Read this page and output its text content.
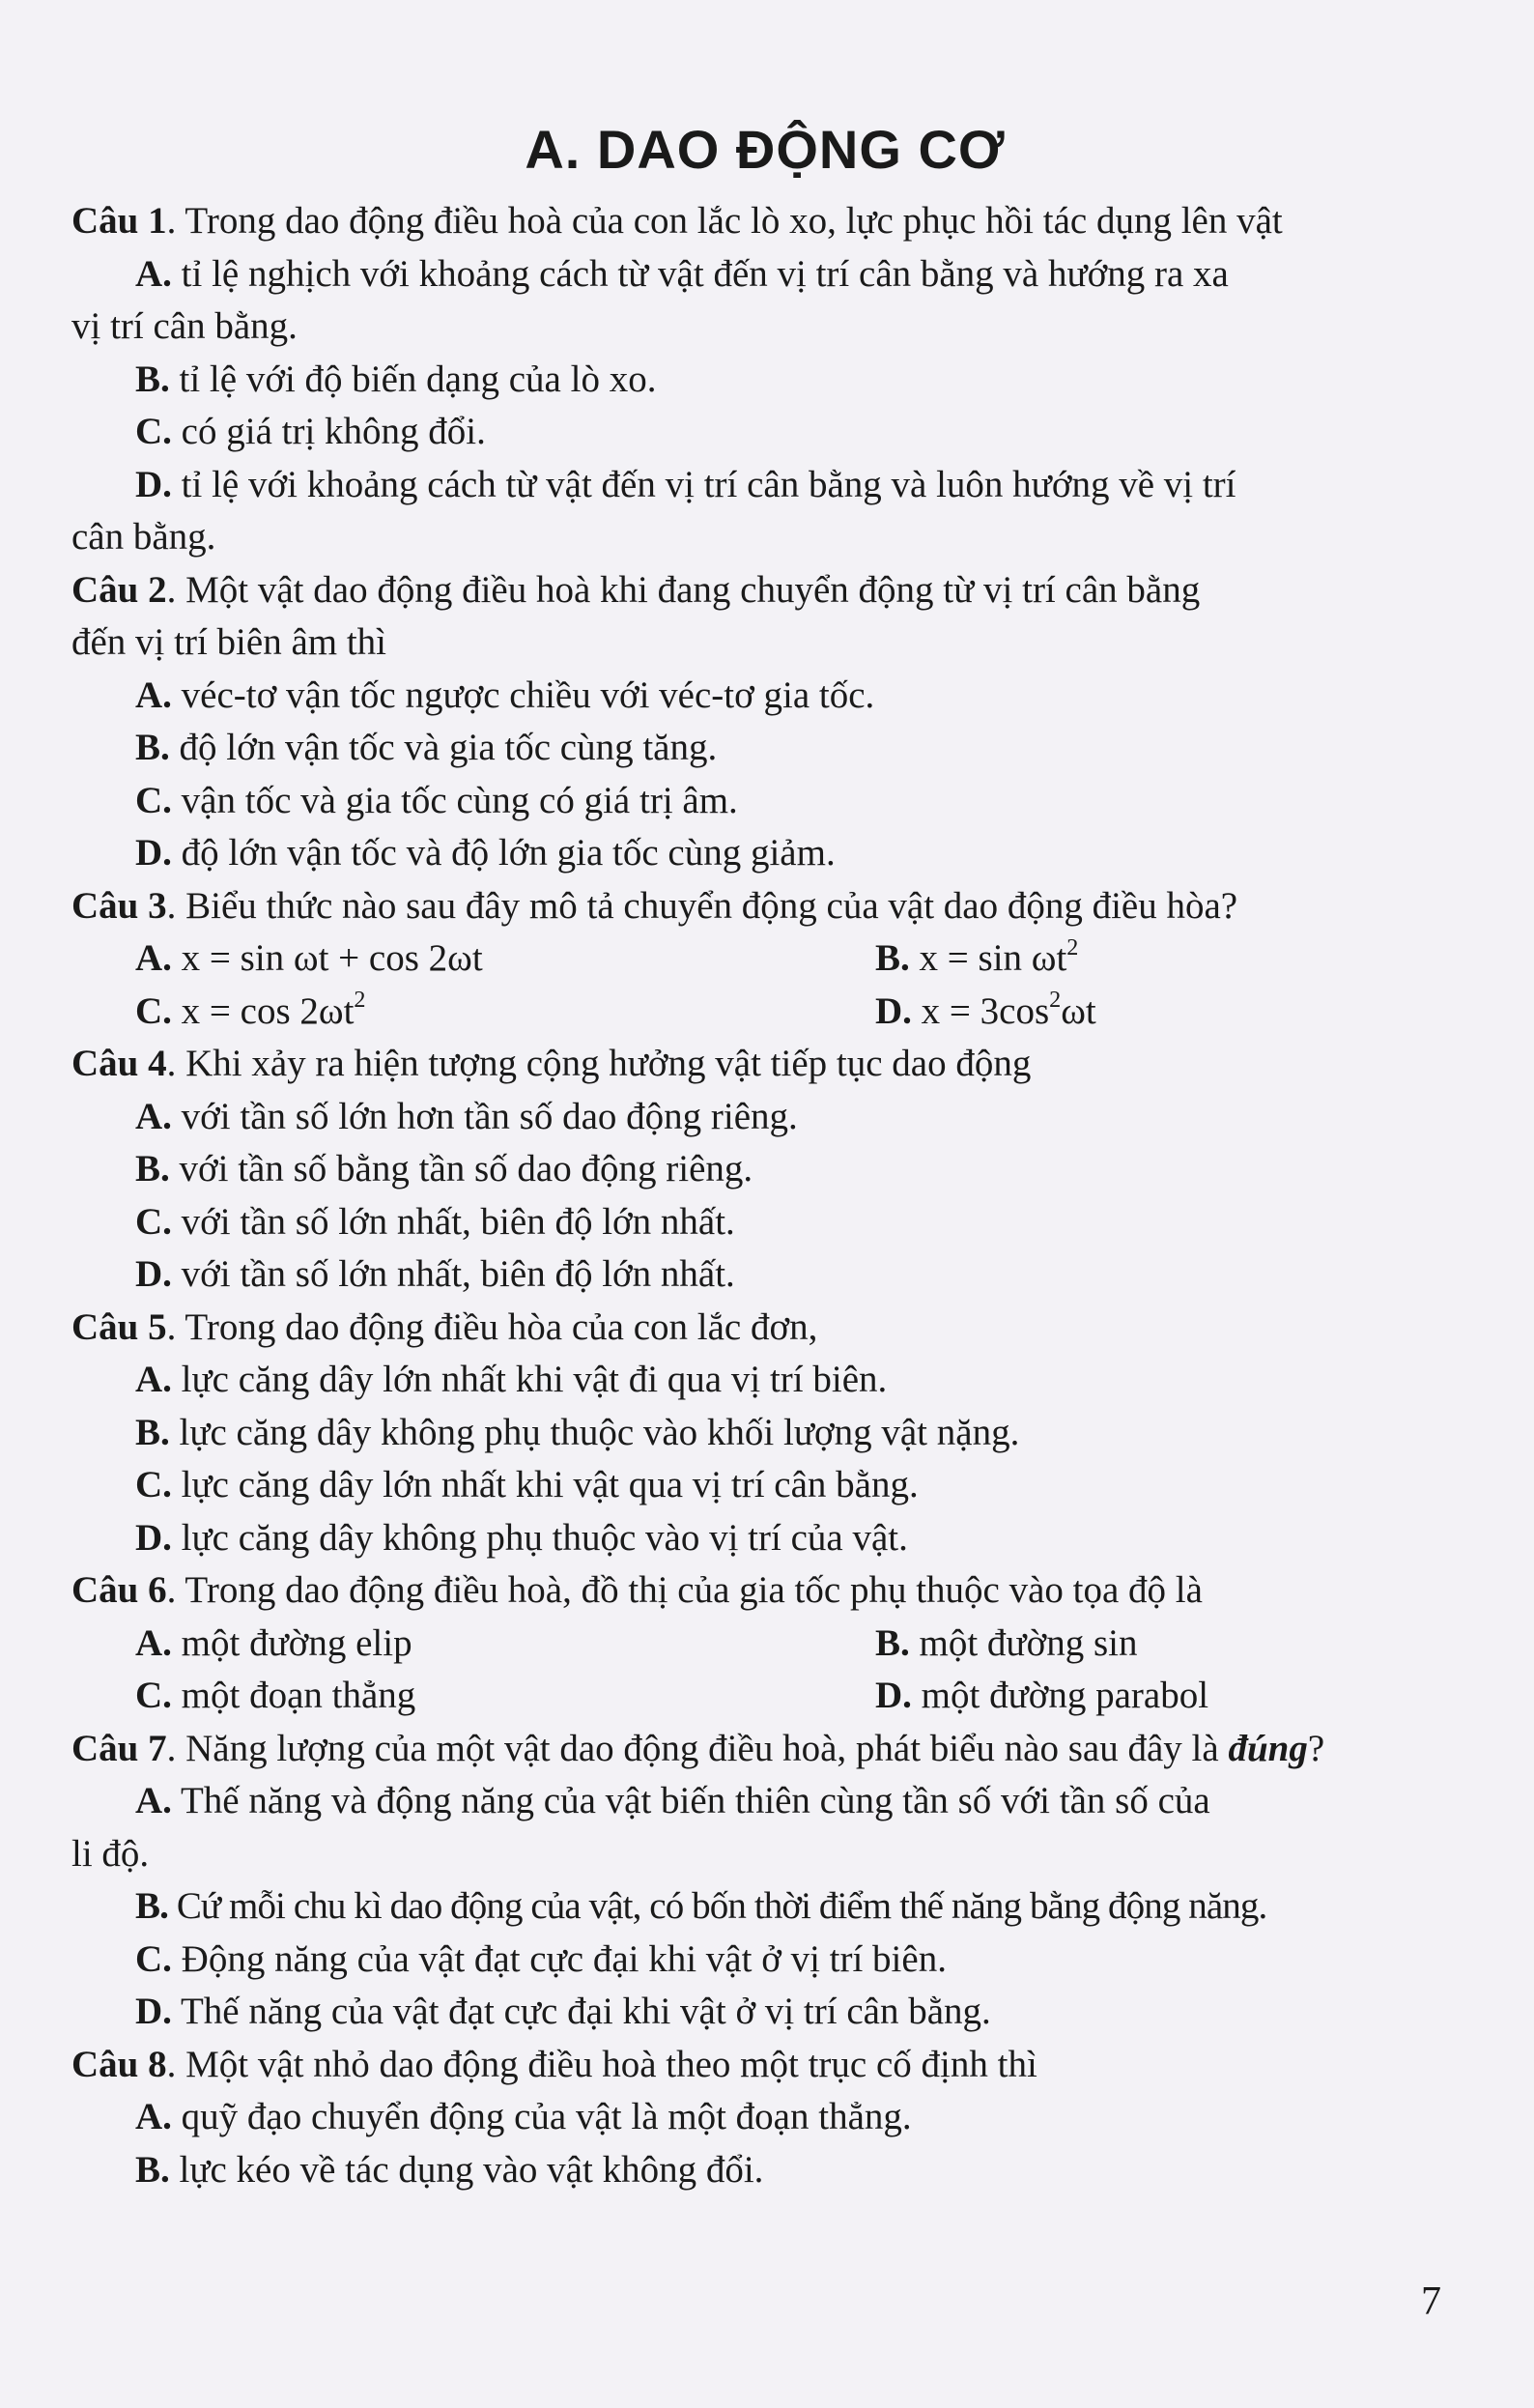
A. DAO ĐỘNG CƠ

Câu 1. Trong dao động điều hoà của con lắc lò xo, lực phục hồi tác dụng lên vật

A. tỉ lệ nghịch với khoảng cách từ vật đến vị trí cân bằng và hướng ra xa
vị trí cân bằng.

B. tỉ lệ với độ biến dạng của lò xo.

C. có giá trị không đổi.

D. tỉ lệ với khoảng cách từ vật đến vị trí cân bằng và luôn hướng về vị trí
cân bằng.

Câu 2. Một vật dao động điều hoà khi đang chuyển động từ vị trí cân bằng
đến vị trí biên âm thì

A. véc-tơ vận tốc ngược chiều với véc-tơ gia tốc.

B. độ lớn vận tốc và gia tốc cùng tăng.

C. vận tốc và gia tốc cùng có giá trị âm.

D. độ lớn vận tốc và độ lớn gia tốc cùng giảm.

Câu 3. Biểu thức nào sau đây mô tả chuyển động của vật dao động điều hòa?

A. x = sin ωt + cos 2ωt	B. $x = \sin \omega t^2$
C. $x = \cos 2\omega t^2$	D. $x = 3\cos^2\omega t$

Câu 4. Khi xảy ra hiện tượng cộng hưởng vật tiếp tục dao động

A. với tần số lớn hơn tần số dao động riêng.

B. với tần số bằng tần số dao động riêng.

C. với tần số lớn nhất, biên độ lớn nhất.

D. với tần số lớn nhất, biên độ lớn nhất.

Câu 5. Trong dao động điều hòa của con lắc đơn,

A. lực căng dây lớn nhất khi vật đi qua vị trí biên.

B. lực căng dây không phụ thuộc vào khối lượng vật nặng.

C. lực căng dây lớn nhất khi vật qua vị trí cân bằng.

D. lực căng dây không phụ thuộc vào vị trí của vật.

Câu 6. Trong dao động điều hoà, đồ thị của gia tốc phụ thuộc vào tọa độ là

A. một đường elip	B. một đường sin
C. một đoạn thẳng	D. một đường parabol

Câu 7. Năng lượng của một vật dao động điều hoà, phát biểu nào sau đây là đúng?

A. Thế năng và động năng của vật biến thiên cùng tần số với tần số của
li độ.

B. Cứ mỗi chu kì dao động của vật, có bốn thời điểm thế năng bằng động năng.

C. Động năng của vật đạt cực đại khi vật ở vị trí biên.

D. Thế năng của vật đạt cực đại khi vật ở vị trí cân bằng.

Câu 8. Một vật nhỏ dao động điều hoà theo một trục cố định thì

A. quỹ đạo chuyển động của vật là một đoạn thẳng.

B. lực kéo về tác dụng vào vật không đổi.

7
